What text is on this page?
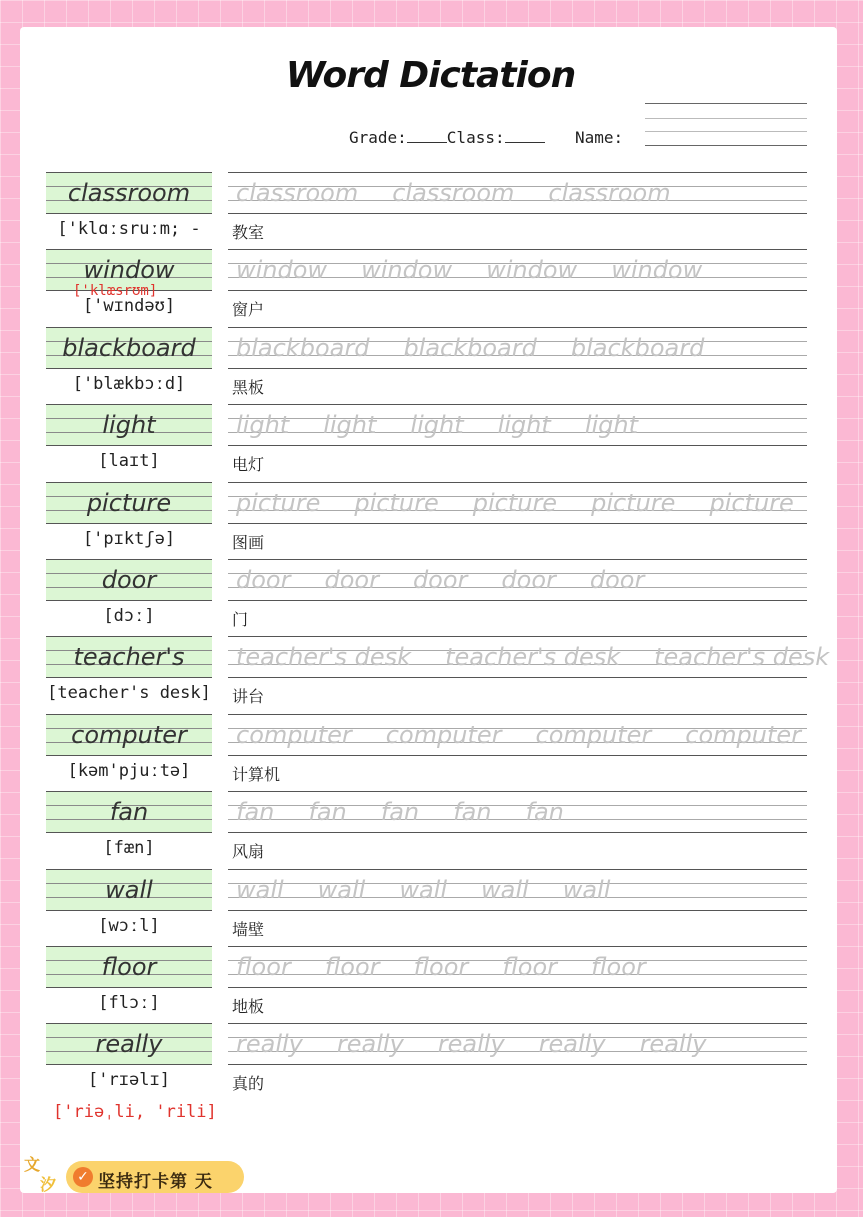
Word Dictation
Grade:	Class:	Name:
classroom	classroom classroom classroom
['klɑːsruːm; -	教室
window	window window window window
['wɪndəʊ]	窗户
blackboard	blackboard blackboard blackboard
['blækbɔːd]	黑板
light	light light light light light
[laɪt]	电灯
picture	picture picture picture picture picture
['pɪktʃə]	图画
door	door door door door door
[dɔː]	门
teacher's	teacher's desk teacher's desk teacher's desk
[teacher's desk] 讲台
computer	computer computer computer computer
[kəm'pjuːtə]	计算机
fan	fan fan fan fan fan
[fæn]	风扇
wall	wall wall wall wall wall
[wɔːl]	墙壁
floor	floor floor floor floor floor
[flɔː]	地板
really	really really really really really
['rɪəlɪ]	真的
['klæsrʊm]
['riəˌli, 'rili]
文
汐 ✓ 坚持打卡第 天
